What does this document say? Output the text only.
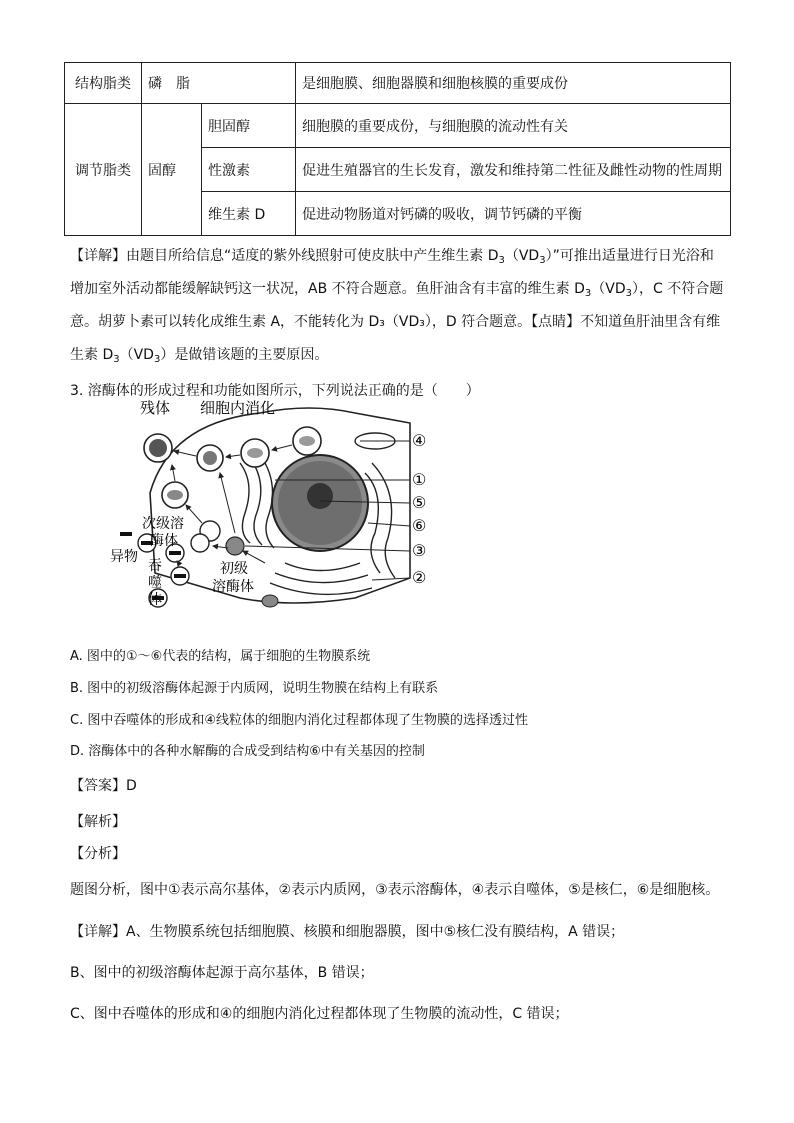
结构脂类	磷　脂		是细胞膜、细胞器膜和细胞核膜的重要成份
调节脂类	固醇	胆固醇	细胞膜的重要成份，与细胞膜的流动性有关
		性激素	促进生殖器官的生长发育，激发和维持第二性征及雌性动物的性周期
		维生素 D	促进动物肠道对钙磷的吸收，调节钙磷的平衡
【详解】由题目所给信息“适度的紫外线照射可使皮肤中产生维生素 $D_3(VD_3)$”可推出适量进行日光浴和
增加室外活动都能缓解缺钙这一状况，AB 不符合题意。鱼肝油含有丰富的维生素 $D_3(VD_3)$，C 不符合题
意。胡萝卜素可以转化成维生素 A，不能转化为 D₃（VD₃），D 符合题意。【点睛】不知道鱼肝油里含有维
生素 $D_3(VD_3)$是做错该题的主要原因。
3. 溶酶体的形成过程和功能如图所示，下列说法正确的是（　　）
残体 细胞内消化
次级溶
酶体
异物
吞
噬
体
初级
溶酶体
④
①
⑤
⑥
③
②
A. 图中的①～⑥代表的结构，属于细胞的生物膜系统
B. 图中的初级溶酶体起源于内质网，说明生物膜在结构上有联系
C. 图中吞噬体的形成和④线粒体的细胞内消化过程都体现了生物膜的选择透过性
D. 溶酶体中的各种水解酶的合成受到结构⑥中有关基因的控制
【答案】D
【解析】
【分析】
题图分析，图中①表示高尔基体，②表示内质网，③表示溶酶体，④表示自噬体，⑤是核仁，⑥是细胞核。
【详解】A、生物膜系统包括细胞膜、核膜和细胞器膜，图中⑤核仁没有膜结构，A 错误；
B、图中的初级溶酶体起源于高尔基体，B 错误；
C、图中吞噬体的形成和④的细胞内消化过程都体现了生物膜的流动性，C 错误；
